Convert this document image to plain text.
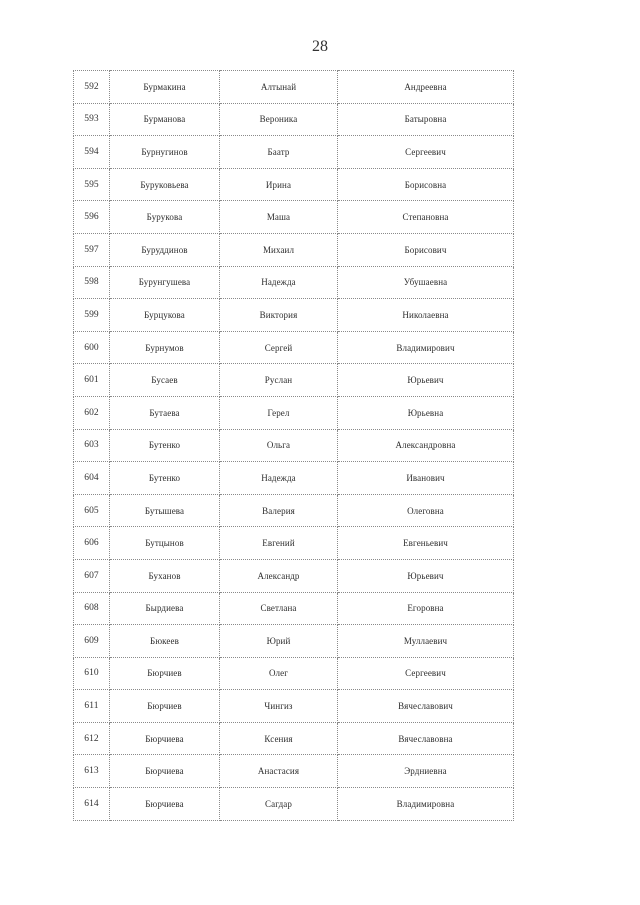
28
592	Бурмакина	Алтынай	Андреевна
593	Бурманова	Вероника	Батыровна
594	Бурнугинов	Баатр	Сергеевич
595	Буруковьева	Ирина	Борисовна
596	Бурукова	Маша	Степановна
597	Буруддинов	Михаил	Борисович
598	Бурунгушева	Надежда	Убушаевна
599	Бурцукова	Виктория	Николаевна
600	Бурнумов	Сергей	Владимирович
601	Бусаев	Руслан	Юрьевич
602	Бутаева	Герел	Юрьевна
603	Бутенко	Ольга	Александровна
604	Бутенко	Надежда	Иванович
605	Бутышева	Валерия	Олеговна
606	Бутцынов	Евгений	Евгеньевич
607	Буханов	Александр	Юрьевич
608	Бырдиева	Светлана	Егоровна
609	Бюкеев	Юрий	Муллаевич
610	Бюрчиев	Олег	Сергеевич
611	Бюрчиев	Чингиз	Вячеславович
612	Бюрчиева	Ксения	Вячеславовна
613	Бюрчиева	Анастасия	Эрдниевна
614	Бюрчиева	Сагдар	Владимировна
